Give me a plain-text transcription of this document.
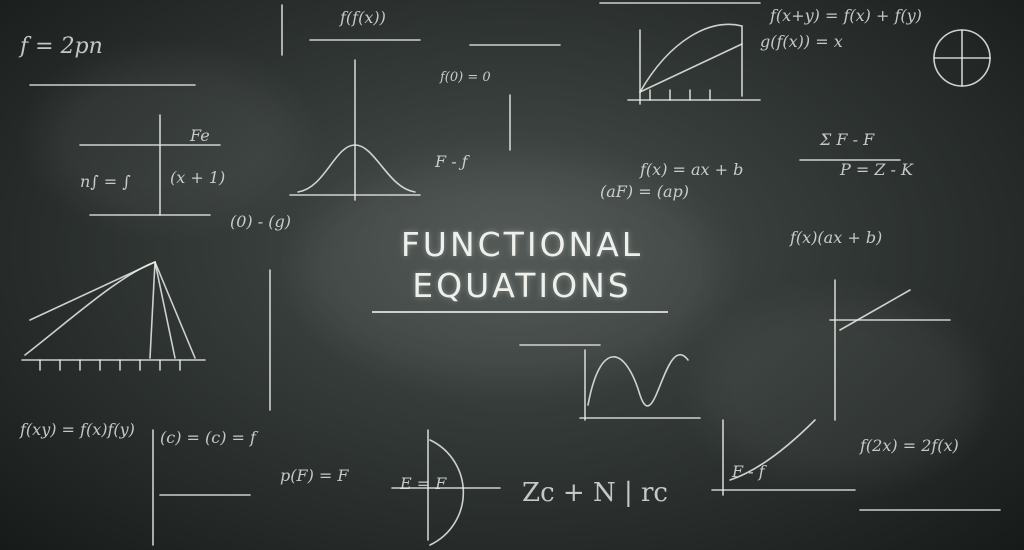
f = 2pn
f(f(x))	f(x+y) = f(x) + f(y)
g(f(x)) = x
f(0) = 0
Fe
n∫ = ∫ (x + 1)
F - ƒ	f(x) = ax + b
(0) - (g)
Σ F - F
f(x)(ax + b)
Zc + N | rc
(c) = (c) = f
f(xy) = f(x)f(y)
E = F
F - f
f(2x) = 2f(x)
(aF) = (ap)
P = Z - K
p(F) = F
FUNCTIONAL
EQUATIONS
